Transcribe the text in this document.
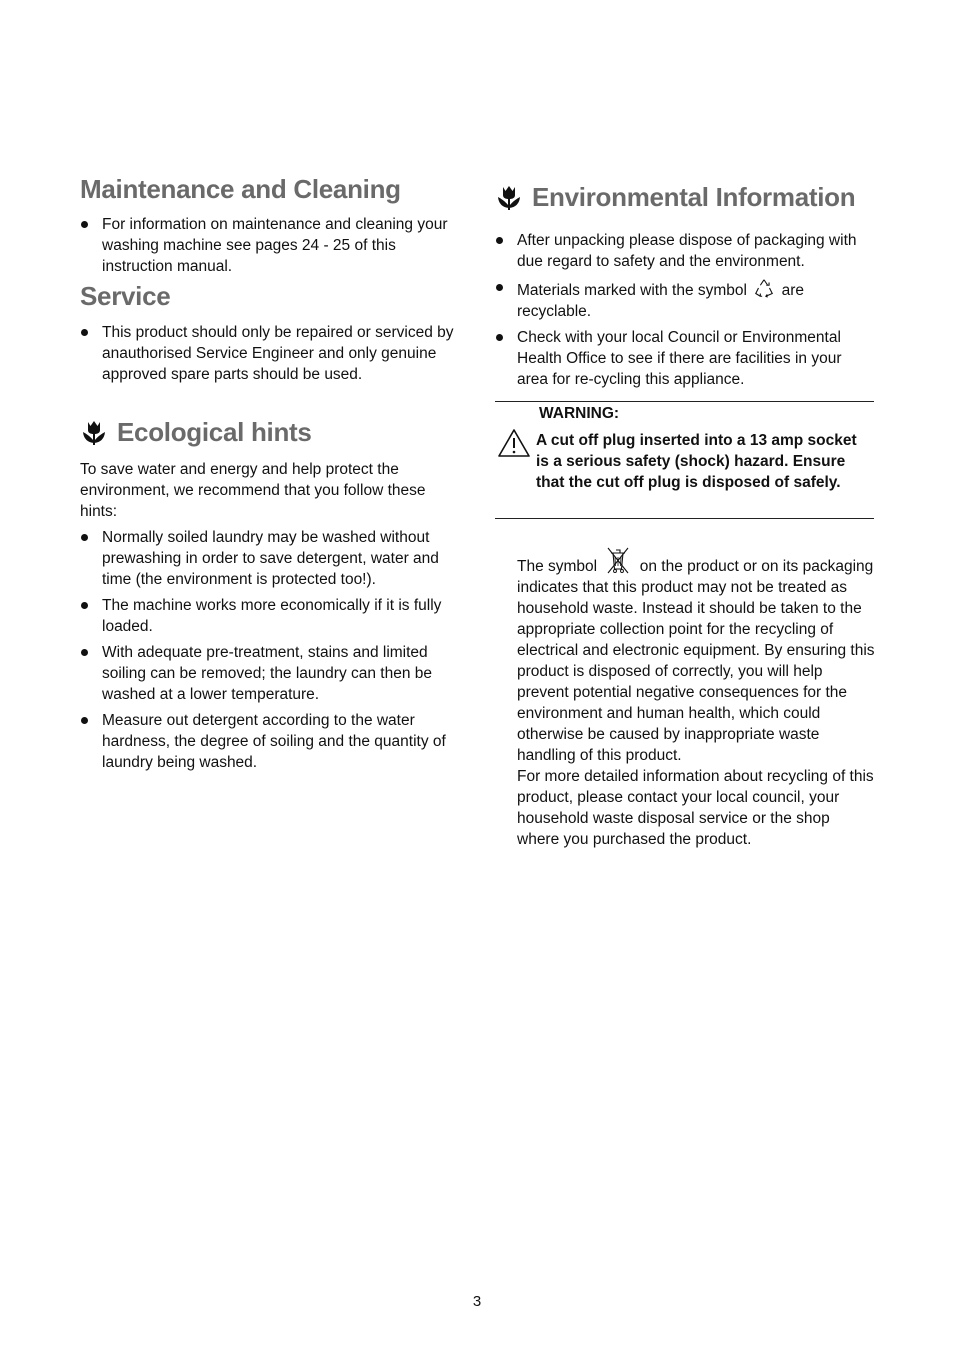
Maintenance and Cleaning
For information on maintenance and cleaning your washing machine see pages 24 - 25 of this instruction manual.
Service
This product should only be repaired or serviced by anauthorised Service Engineer and only genuine approved spare parts should be used.
Ecological hints

To save water and energy and help protect the environment, we recommend that you follow these hints:

Normally soiled laundry may be washed without prewashing in order to save detergent, water and time (the environment is protected too!).
The machine works more economically if it is fully loaded.
With adequate pre-treatment, stains and limited soiling can be removed; the laundry can then be washed at a lower temperature.
Measure out detergent according to the water hardness, the degree of soiling and the quantity of laundry being washed.
Environmental Information
After unpacking please dispose of packaging with due regard to safety and the environment.
Materials marked with the symbol are recyclable.
Check with your local Council or Environmental Health Office to see if there are facilities in your area for re-cycling this appliance.
WARNING:

A cut off plug inserted into a 13 amp socket is a serious safety (shock) hazard. Ensure that the cut off plug is disposed of safely.

The symbol	on the product or on its packaging indicates that this product may not be treated as household waste. Instead it should be taken to the appropriate collection point for the recycling of electrical and electronic equipment. By ensuring this product is disposed of correctly, you will help prevent potential negative consequences for the environment and human health, which could otherwise be caused by inappropriate waste handling of this product.

For more detailed information about recycling of this product, please contact your local council, your household waste disposal service or the shop where you purchased the product.

3
